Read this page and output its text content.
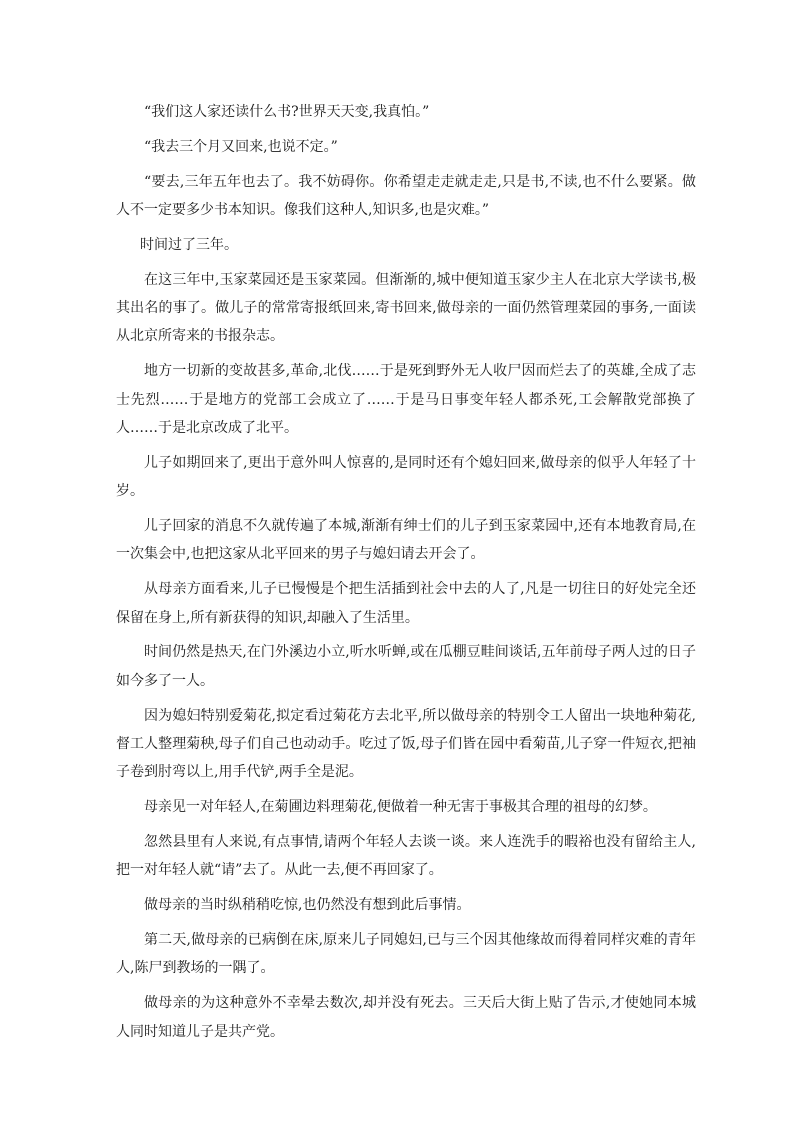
“我们这人家还读什么书?世界天天变,我真怕。”

“我去三个月又回来,也说不定。”

“要去,三年五年也去了。我不妨碍你。你希望走走就走走,只是书,不读,也不什么要紧。做人不一定要多少书本知识。像我们这种人,知识多,也是灾难。”

时间过了三年。

在这三年中,玉家菜园还是玉家菜园。但渐渐的,城中便知道玉家少主人在北京大学读书,极其出名的事了。做儿子的常常寄报纸回来,寄书回来,做母亲的一面仍然管理菜园的事务,一面读从北京所寄来的书报杂志。

地方一切新的变故甚多,革命,北伐……于是死到野外无人收尸因而烂去了的英雄,全成了志士先烈……于是地方的党部工会成立了……于是马日事变年轻人都杀死,工会解散党部换了人……于是北京改成了北平。

儿子如期回来了,更出于意外叫人惊喜的,是同时还有个媳妇回来,做母亲的似乎人年轻了十岁。

儿子回家的消息不久就传遍了本城,渐渐有绅士们的儿子到玉家菜园中,还有本地教育局,在一次集会中,也把这家从北平回来的男子与媳妇请去开会了。

从母亲方面看来,儿子已慢慢是个把生活插到社会中去的人了,凡是一切往日的好处完全还保留在身上,所有新获得的知识,却融入了生活里。

时间仍然是热天,在门外溪边小立,听水听蝉,或在瓜棚豆畦间谈话,五年前母子两人过的日子如今多了一人。

因为媳妇特别爱菊花,拟定看过菊花方去北平,所以做母亲的特别令工人留出一块地种菊花,督工人整理菊秧,母子们自己也动动手。吃过了饭,母子们皆在园中看菊苗,儿子穿一件短衣,把袖子卷到肘弯以上,用手代铲,两手全是泥。

母亲见一对年轻人,在菊圃边料理菊花,便做着一种无害于事极其合理的祖母的幻梦。

忽然县里有人来说,有点事情,请两个年轻人去谈一谈。来人连洗手的暇裕也没有留给主人,把一对年轻人就“请”去了。从此一去,便不再回家了。

做母亲的当时纵稍稍吃惊,也仍然没有想到此后事情。

第二天,做母亲的已病倒在床,原来儿子同媳妇,已与三个因其他缘故而得着同样灾难的青年人,陈尸到教场的一隅了。

做母亲的为这种意外不幸晕去数次,却并没有死去。三天后大街上贴了告示,才使她同本城人同时知道儿子是共产党。
